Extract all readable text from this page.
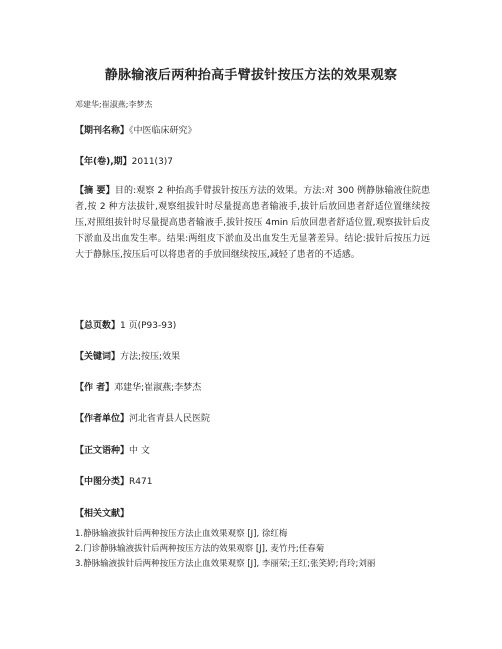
静脉输液后两种抬高手臂拔针按压方法的效果观察
邓建华;崔淑燕;李梦杰
【期刊名称】《中医临床研究》
【年(卷),期】2011(3)7
【摘 要】目的:观察 2 种抬高手臂拔针按压方法的效果。方法:对 300 例静脉输液住院患者,按 2 种方法拔针,观察组拔针时尽量提高患者输液手,拔针后放回患者舒适位置继续按压,对照组拔针时尽量提高患者输液手,拔针按压 4min 后放回患者舒适位置,观察拔针后皮下淤血及出血发生率。结果:两组皮下淤血及出血发生无显著差异。结论:拔针后按压力远大于静脉压,按压后可以将患者的手放回继续按压,减轻了患者的不适感。
【总页数】1 页(P93-93)
【关键词】方法;按压;效果
【作 者】邓建华;崔淑燕;李梦杰
【作者单位】河北省青县人民医院
【正文语种】中 文
【中图分类】R471
【相关文献】
1.静脉输液拔针后两种按压方法止血效果观察 [J], 徐红梅
2.门诊静脉输液拔针后两种按压方法的效果观察 [J], 麦竹丹;任春菊
3.静脉输液拔针后两种按压方法止血效果观察 [J], 李丽荣;王红;张笑婷;肖玲;刘丽
